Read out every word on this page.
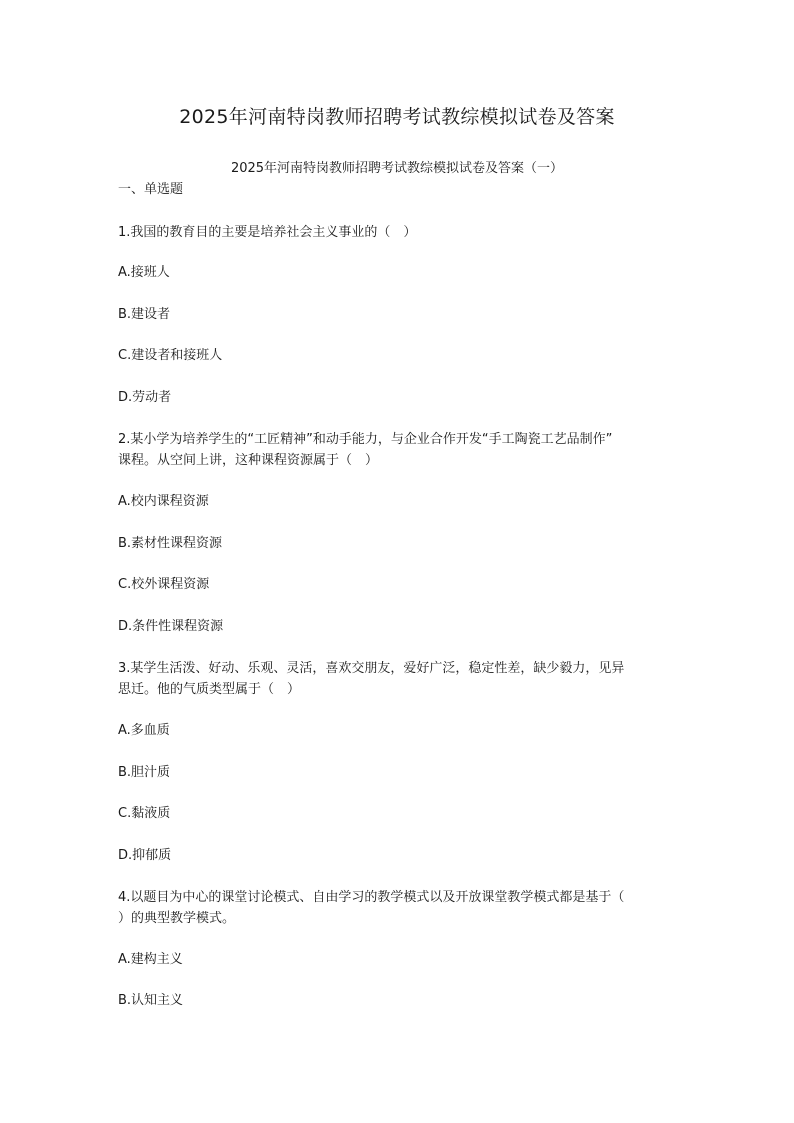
2025年河南特岗教师招聘考试教综模拟试卷及答案
2025年河南特岗教师招聘考试教综模拟试卷及答案（一）
一、单选题
1.我国的教育目的主要是培养社会主义事业的（　）
A.接班人
B.建设者
C.建设者和接班人
D.劳动者
2.某小学为培养学生的“工匠精神”和动手能力，与企业合作开发“手工陶瓷工艺品制作”
课程。从空间上讲，这种课程资源属于（　）
A.校内课程资源
B.素材性课程资源
C.校外课程资源
D.条件性课程资源
3.某学生活泼、好动、乐观、灵活，喜欢交朋友，爱好广泛，稳定性差，缺少毅力，见异
思迁。他的气质类型属于（　）
A.多血质
B.胆汁质
C.黏液质
D.抑郁质
4.以题目为中心的课堂讨论模式、自由学习的教学模式以及开放课堂教学模式都是基于（
）的典型教学模式。
A.建构主义
B.认知主义
